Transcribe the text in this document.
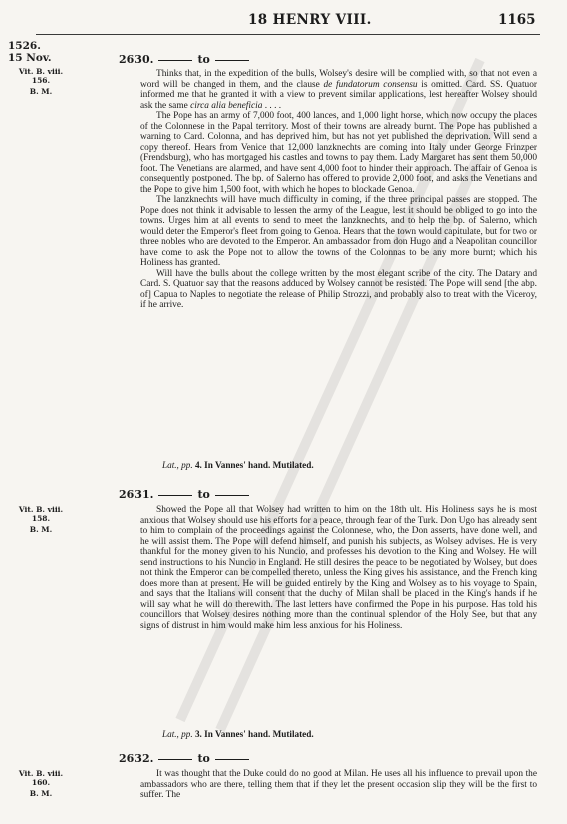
18 HENRY VIII.	1165
1526.
15 Nov.
Vit. B. viii.
156.
B. M.
Vit. B. viii.
158.
B. M.
Vit. B. viii.
160.
B. M.
2630.	to

Thinks that, in the expedition of the bulls, Wolsey's desire will be complied with, so that not even a word will be changed in them, and the clause de fundatorum consensu is omitted. Card. SS. Quatuor informed me that he granted it with a view to prevent similar applications, lest hereafter Wolsey should ask the same circa alia beneficia . . . .

The Pope has an army of 7,000 foot, 400 lances, and 1,000 light horse, which now occupy the places of the Colonnese in the Papal territory. Most of their towns are already burnt. The Pope has published a warning to Card. Colonna, and has deprived him, but has not yet published the deprivation. Will send a copy thereof. Hears from Venice that 12,000 lanzknechts are coming into Italy under George Frinzper (Frendsburg), who has mortgaged his castles and towns to pay them. Lady Margaret has sent them 50,000 foot. The Venetians are alarmed, and have sent 4,000 foot to hinder their approach. The affair of Genoa is consequently postponed. The bp. of Salerno has offered to provide 2,000 foot, and asks the Venetians and the Pope to give him 1,500 foot, with which he hopes to blockade Genoa.

The lanzknechts will have much difficulty in coming, if the three principal passes are stopped. The Pope does not think it advisable to lessen the army of the League, lest it should be obliged to go into the towns. Urges him at all events to send to meet the lanzknechts, and to help the bp. of Salerno, which would deter the Emperor's fleet from going to Genoa. Hears that the town would capitulate, but for two or three nobles who are devoted to the Emperor. An ambassador from don Hugo and a Neapolitan councillor have come to ask the Pope not to allow the towns of the Colonnas to be any more burnt; which his Holiness has granted.

Will have the bulls about the college written by the most elegant scribe of the city. The Datary and Card. S. Quatuor say that the reasons adduced by Wolsey cannot be resisted. The Pope will send [the abp. of] Capua to Naples to negotiate the release of Philip Strozzi, and probably also to treat with the Viceroy, if he arrive.

Lat., pp. 4. In Vannes' hand. Mutilated.
2631.	to

Showed the Pope all that Wolsey had written to him on the 18th ult. His Holiness says he is most anxious that Wolsey should use his efforts for a peace, through fear of the Turk. Don Ugo has already sent to him to complain of the proceedings against the Colonnese, who, the Don asserts, have done well, and he will assist them. The Pope will defend himself, and punish his subjects, as Wolsey advises. He is very thankful for the money given to his Nuncio, and professes his devotion to the King and Wolsey. He will send instructions to his Nuncio in England. He still desires the peace to be negotiated by Wolsey, but does not think the Emperor can be compelled thereto, unless the King gives his assistance, and the French king does more than at present. He will be guided entirely by the King and Wolsey as to his voyage to Spain, and says that the Italians will consent that the duchy of Milan shall be placed in the King's hands if he will say what he will do therewith. The last letters have confirmed the Pope in his purpose. Has told his councillors that Wolsey desires nothing more than the continual splendor of the Holy See, but that any signs of distrust in him would make him less anxious for his Holiness.

Lat., pp. 3. In Vannes' hand. Mutilated.
2632.	to

It was thought that the Duke could do no good at Milan. He uses all his influence to prevail upon the ambassadors who are there, telling them that if they let the present occasion slip they will be the first to suffer. The
